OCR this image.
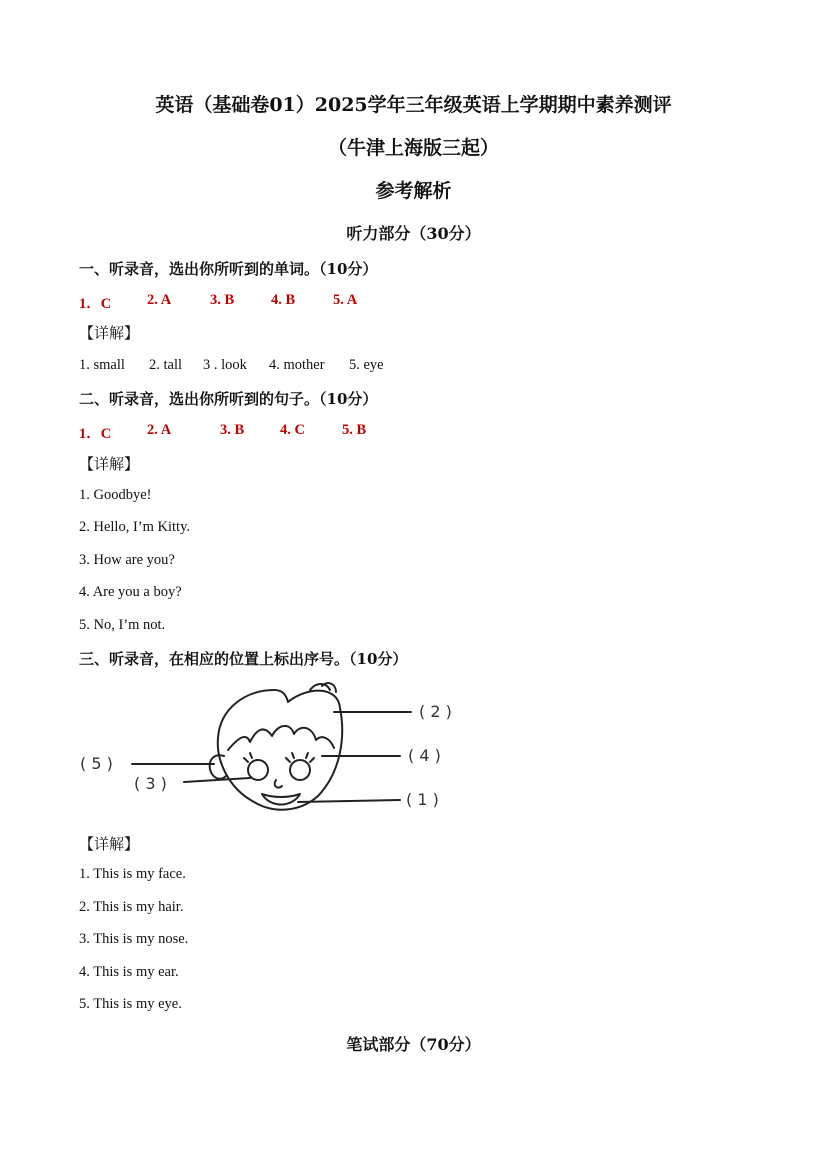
英语（基础卷01）2025学年三年级英语上学期期中素养测评
（牛津上海版三起）
参考解析
听力部分（30分）
一、听录音，选出你所听到的单词。（10分）
1．C 2. A	3. B	4. B	5. A
【详解】
1. small 2. tall 3 . look 4. mother 5. eye
二、听录音，选出你所听到的句子。（10分）
1．C 2. A	3. B 4. C	5. B
【详解】
1. Goodbye!
2. Hello, I’m Kitty.
3. How are you?
4. Are you a boy?
5. No, I’m not.
三、听录音，在相应的位置上标出序号。（10分）
( 2 )
( 4 )
( 1 )
( 5 )
( 3 )
【详解】
1. This is my face.
2. This is my hair.
3. This is my nose.
4. This is my ear.
5. This is my eye.
笔试部分（70分）
